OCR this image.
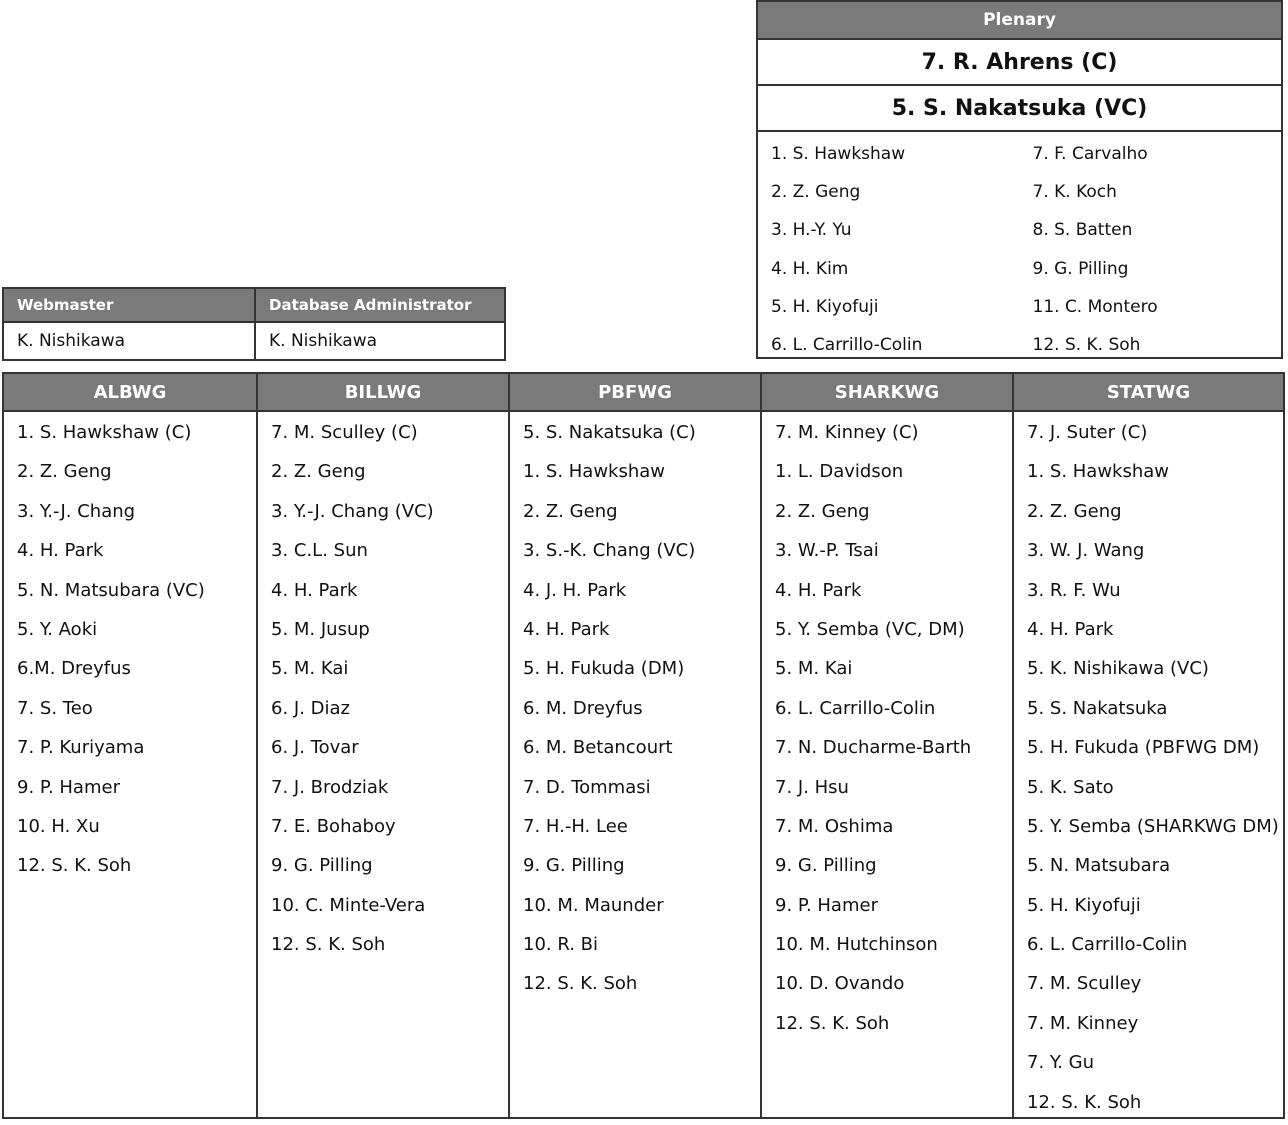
Plenary
7. R. Ahrens (C)
5. S. Nakatsuka (VC)
1. S. Hawkshaw
2. Z. Geng
3. H.-Y. Yu
4. H. Kim
5. H. Kiyofuji
6. L. Carrillo-Colin
7. F. Carvalho
7. K. Koch
8. S. Batten
9. G. Pilling
11. C. Montero
12. S. K. Soh
Webmaster
K. Nishikawa
Database Administrator
K. Nishikawa
ALBWG
1. S. Hawkshaw (C)
2. Z. Geng
3. Y.-J. Chang
4. H. Park
5. N. Matsubara (VC)
5. Y. Aoki
6.M. Dreyfus
7. S. Teo
7. P. Kuriyama
9. P. Hamer
10. H. Xu
12. S. K. Soh
BILLWG
7. M. Sculley (C)
2. Z. Geng
3. Y.-J. Chang (VC)
3. C.L. Sun
4. H. Park
5. M. Jusup
5. M. Kai
6. J. Diaz
6. J. Tovar
7. J. Brodziak
7. E. Bohaboy
9. G. Pilling
10. C. Minte-Vera
12. S. K. Soh
PBFWG
5. S. Nakatsuka (C)
1. S. Hawkshaw
2. Z. Geng
3. S.-K. Chang (VC)
4. J. H. Park
4. H. Park
5. H. Fukuda (DM)
6. M. Dreyfus
6. M. Betancourt
7. D. Tommasi
7. H.-H. Lee
9. G. Pilling
10. M. Maunder
10. R. Bi
12. S. K. Soh
SHARKWG
7. M. Kinney (C)
1. L. Davidson
2. Z. Geng
3. W.-P. Tsai
4. H. Park
5. Y. Semba (VC, DM)
5. M. Kai
6. L. Carrillo-Colin
7. N. Ducharme-Barth
7. J. Hsu
7. M. Oshima
9. G. Pilling
9. P. Hamer
10. M. Hutchinson
10. D. Ovando
12. S. K. Soh
STATWG
7. J. Suter (C)
1. S. Hawkshaw
2. Z. Geng
3. W. J. Wang
3. R. F. Wu
4. H. Park
5. K. Nishikawa (VC)
5. S. Nakatsuka
5. H. Fukuda (PBFWG DM)
5. K. Sato
5. Y. Semba (SHARKWG DM)
5. N. Matsubara
5. H. Kiyofuji
6. L. Carrillo-Colin
7. M. Sculley
7. M. Kinney
7. Y. Gu
12. S. K. Soh
